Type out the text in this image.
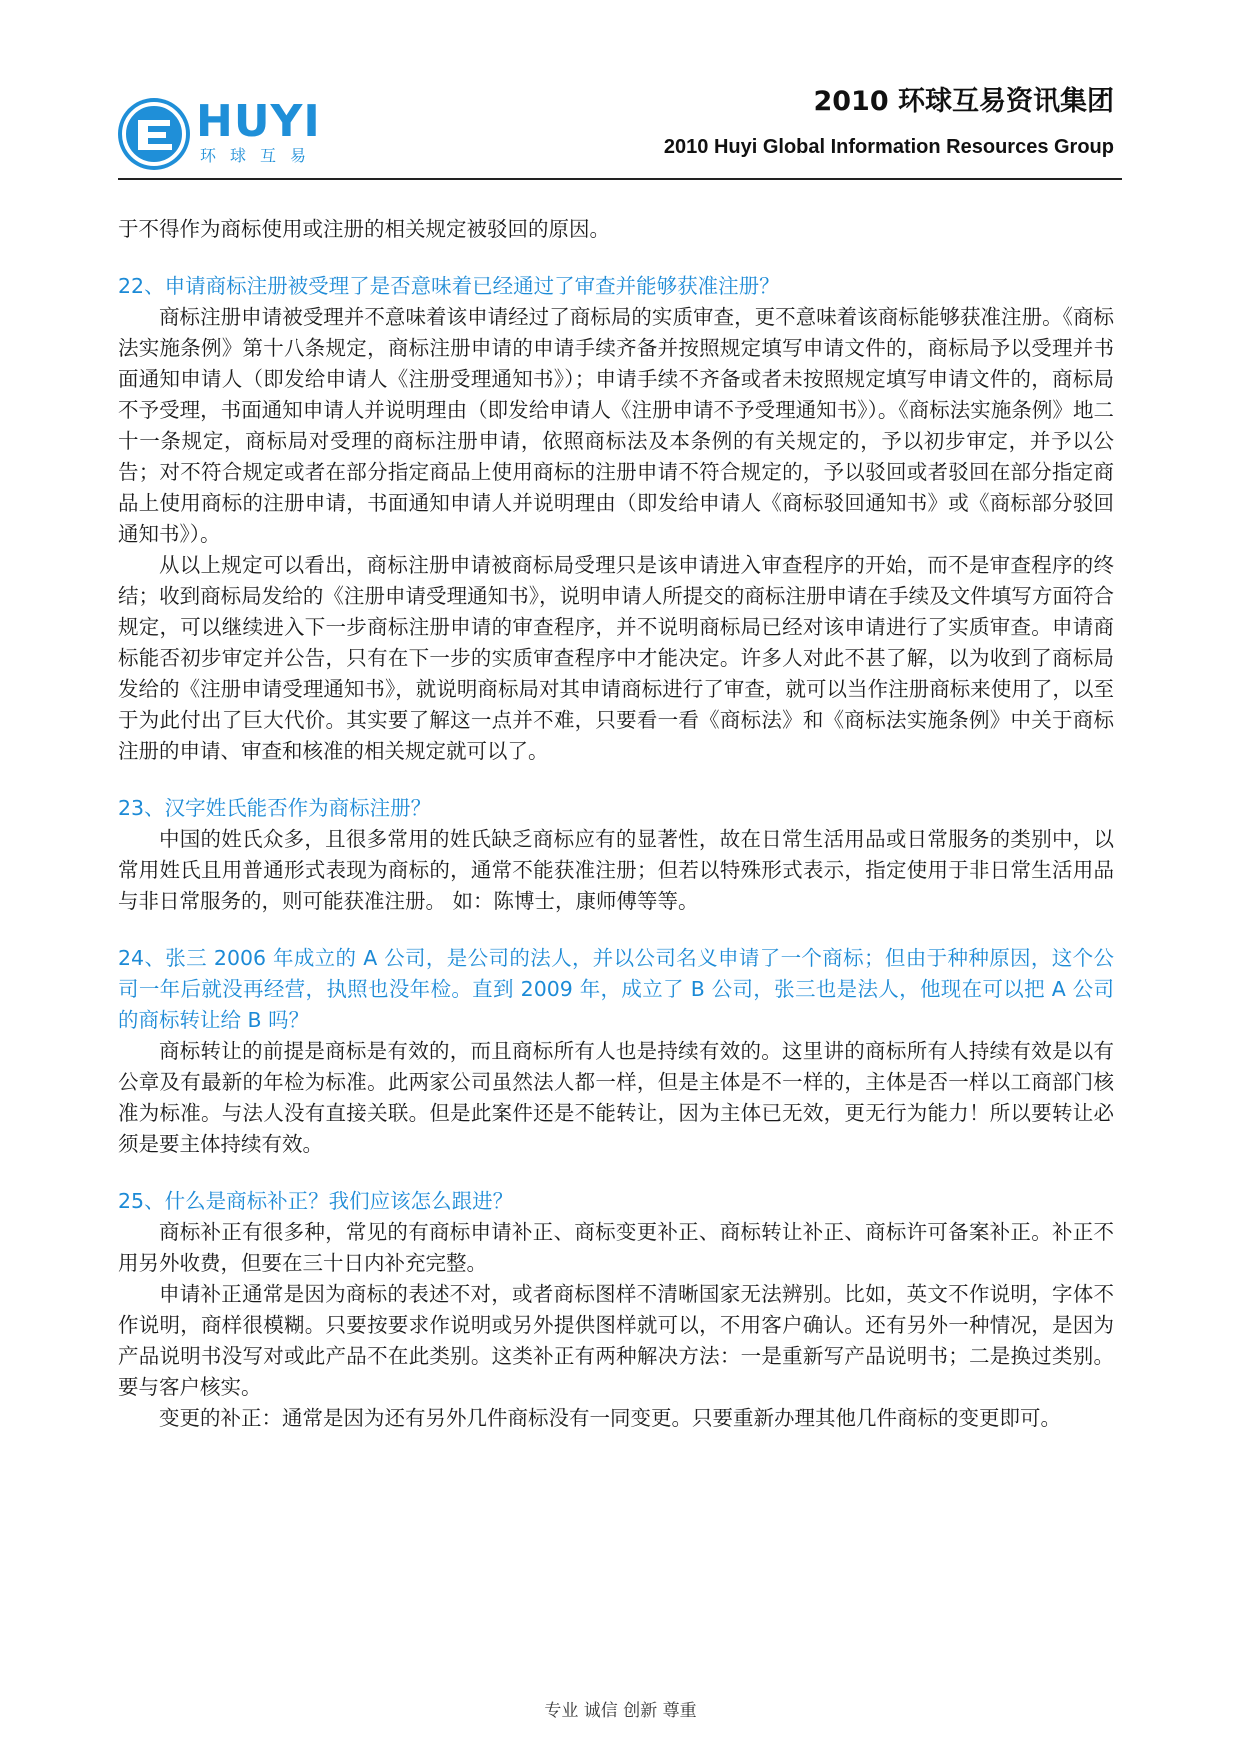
HUYI
环球互易
2010 环球互易资讯集团
2010 Huyi Global Information Resources Group

于不得作为商标使用或注册的相关规定被驳回的原因。

22、申请商标注册被受理了是否意味着已经通过了审查并能够获准注册？

商标注册申请被受理并不意味着该申请经过了商标局的实质审查，更不意味着该商标能够获准注册。《商标法实施条例》第十八条规定，商标注册申请的申请手续齐备并按照规定填写申请文件的，商标局予以受理并书面通知申请人（即发给申请人《注册受理通知书》）；申请手续不齐备或者未按照规定填写申请文件的，商标局不予受理，书面通知申请人并说明理由（即发给申请人《注册申请不予受理通知书》）。《商标法实施条例》地二十一条规定，商标局对受理的商标注册申请，依照商标法及本条例的有关规定的，予以初步审定，并予以公告；对不符合规定或者在部分指定商品上使用商标的注册申请不符合规定的，予以驳回或者驳回在部分指定商品上使用商标的注册申请，书面通知申请人并说明理由（即发给申请人《商标驳回通知书》或《商标部分驳回通知书》）。

从以上规定可以看出，商标注册申请被商标局受理只是该申请进入审查程序的开始，而不是审查程序的终结；收到商标局发给的《注册申请受理通知书》，说明申请人所提交的商标注册申请在手续及文件填写方面符合规定，可以继续进入下一步商标注册申请的审查程序，并不说明商标局已经对该申请进行了实质审查。申请商标能否初步审定并公告，只有在下一步的实质审查程序中才能决定。许多人对此不甚了解，以为收到了商标局发给的《注册申请受理通知书》，就说明商标局对其申请商标进行了审查，就可以当作注册商标来使用了，以至于为此付出了巨大代价。其实要了解这一点并不难，只要看一看《商标法》和《商标法实施条例》中关于商标注册的申请、审查和核准的相关规定就可以了。

23、汉字姓氏能否作为商标注册？

中国的姓氏众多，且很多常用的姓氏缺乏商标应有的显著性，故在日常生活用品或日常服务的类别中，以常用姓氏且用普通形式表现为商标的，通常不能获准注册；但若以特殊形式表示，指定使用于非日常生活用品与非日常服务的，则可能获准注册。 如：陈博士，康师傅等等。

24、张三 2006 年成立的 A 公司，是公司的法人，并以公司名义申请了一个商标；但由于种种原因，这个公司一年后就没再经营，执照也没年检。直到 2009 年，成立了 B 公司，张三也是法人，他现在可以把 A 公司的商标转让给 B 吗？

商标转让的前提是商标是有效的，而且商标所有人也是持续有效的。这里讲的商标所有人持续有效是以有公章及有最新的年检为标准。此两家公司虽然法人都一样，但是主体是不一样的，主体是否一样以工商部门核准为标准。与法人没有直接关联。但是此案件还是不能转让，因为主体已无效，更无行为能力！所以要转让必须是要主体持续有效。

25、什么是商标补正？我们应该怎么跟进？

商标补正有很多种，常见的有商标申请补正、商标变更补正、商标转让补正、商标许可备案补正。补正不用另外收费，但要在三十日内补充完整。

申请补正通常是因为商标的表述不对，或者商标图样不清晰国家无法辨别。比如，英文不作说明，字体不作说明，商样很模糊。只要按要求作说明或另外提供图样就可以，不用客户确认。还有另外一种情况，是因为产品说明书没写对或此产品不在此类别。这类补正有两种解决方法：一是重新写产品说明书；二是换过类别。要与客户核实。

变更的补正：通常是因为还有另外几件商标没有一同变更。只要重新办理其他几件商标的变更即可。

专业 诚信 创新 尊重
